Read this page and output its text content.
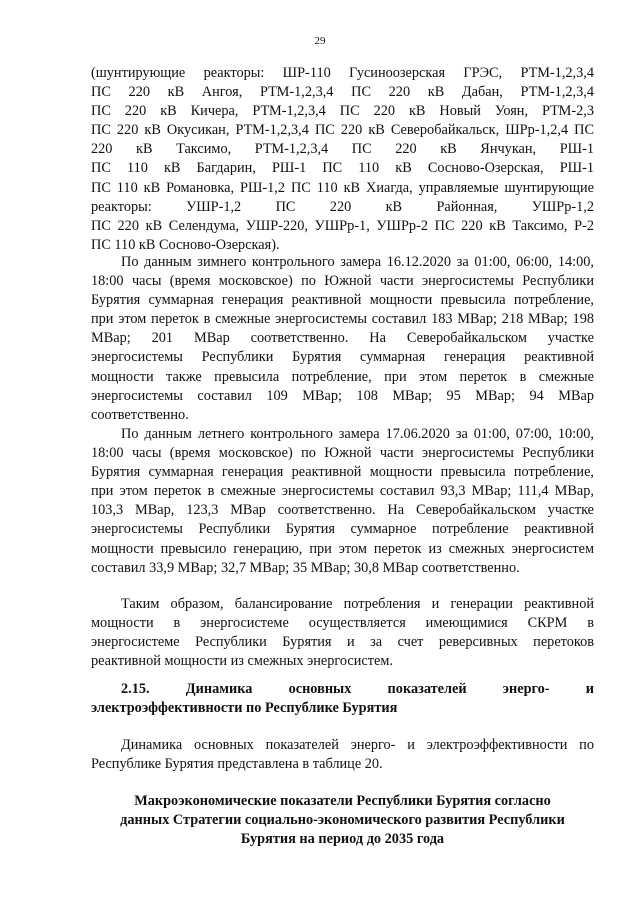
29
(шунтирующие реакторы: ШР-110 Гусиноозерская ГРЭС, РТМ-1,2,3,4
ПС 220 кВ Ангоя, РТМ-1,2,3,4 ПС 220 кВ Дабан, РТМ-1,2,3,4
ПС 220 кВ Кичера, РТМ-1,2,3,4 ПС 220 кВ Новый Уоян, РТМ-2,3
ПС 220 кВ Окусикан, РТМ-1,2,3,4 ПС 220 кВ Северобайкальск, ШРр-1,2,4 ПС
220 кВ Таксимо, РТМ-1,2,3,4 ПС 220 кВ Янчукан, РШ-1
ПС 110 кВ Багдарин, РШ-1 ПС 110 кВ Сосново-Озерская, РШ-1
ПС 110 кВ Романовка, РШ-1,2 ПС 110 кВ Хиагда, управляемые шунтирующие
реакторы: УШР-1,2 ПС 220 кВ Районная, УШРр-1,2
ПС 220 кВ Селендума, УШР-220, УШРр-1, УШРр-2 ПС 220 кВ Таксимо, Р-2
ПС 110 кВ Сосново-Озерская).
По данным зимнего контрольного замера 16.12.2020 за 01:00, 06:00, 14:00,
18:00 часы (время московское) по Южной части энергосистемы Республики
Бурятия суммарная генерация реактивной мощности превысила потребление,
при этом переток в смежные энергосистемы составил 183 МВар; 218 МВар; 198
МВар; 201 МВар соответственно. На Северобайкальском участке
энергосистемы Республики Бурятия суммарная генерация реактивной
мощности также превысила потребление, при этом переток в смежные
энергосистемы составил 109 МВар; 108 МВар; 95 МВар; 94 МВар
соответственно.
По данным летнего контрольного замера 17.06.2020 за 01:00, 07:00, 10:00,
18:00 часы (время московское) по Южной части энергосистемы Республики
Бурятия суммарная генерация реактивной мощности превысила потребление,
при этом переток в смежные энергосистемы составил 93,3 МВар; 111,4 МВар,
103,3 МВар, 123,3 МВар соответственно. На Северобайкальском участке
энергосистемы Республики Бурятия суммарное потребление реактивной
мощности превысило генерацию, при этом переток из смежных энергосистем
составил 33,9 МВар; 32,7 МВар; 35 МВар; 30,8 МВар соответственно.
Таким образом, балансирование потребления и генерации реактивной
мощности в энергосистеме осуществляется имеющимися СКРМ в
энергосистеме Республики Бурятия и за счет реверсивных перетоков
реактивной мощности из смежных энергосистем.
2.15. Динамика основных показателей энерго- и
электроэффективности по Республике Бурятия
Динамика основных показателей энерго- и электроэффективности по
Республике Бурятия представлена в таблице 20.
Макроэкономические показатели Республики Бурятия согласно
данных Стратегии социально-экономического развития Республики
Бурятия на период до 2035 года
